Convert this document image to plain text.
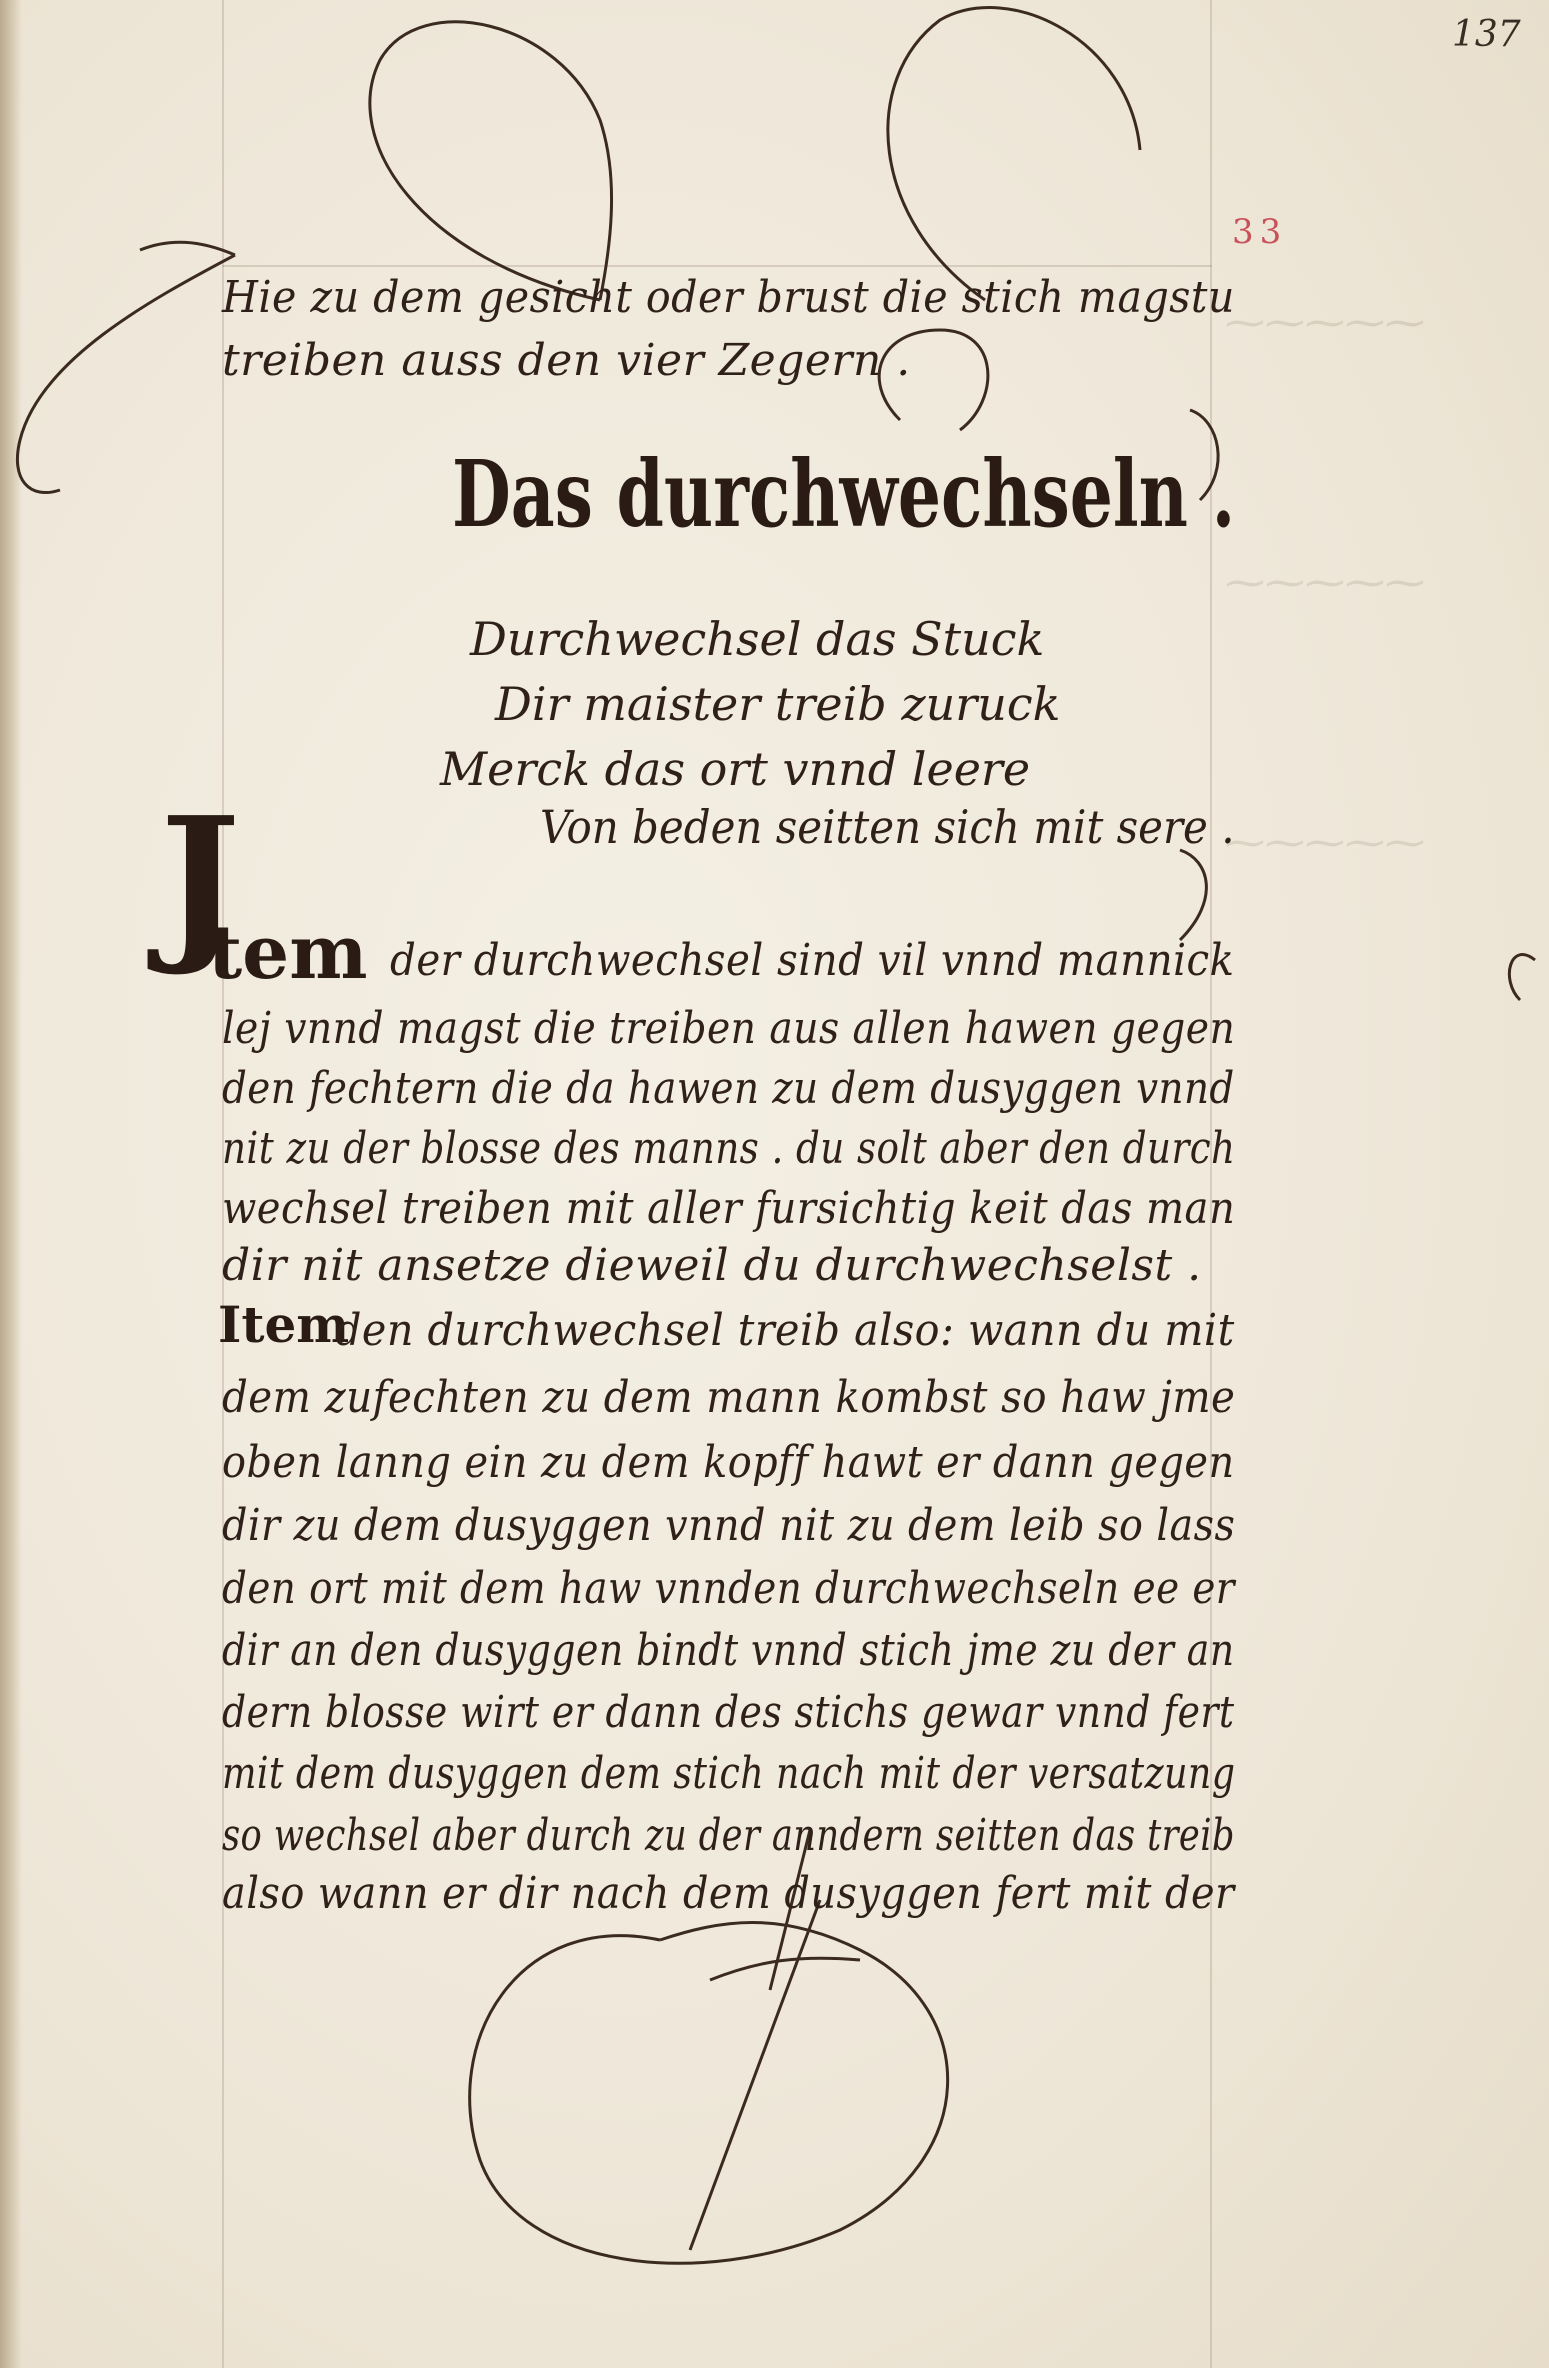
⁓⁓⁓⁓⁓
⁓⁓⁓⁓⁓
⁓⁓⁓⁓⁓
137
33
Hie zu dem gesicht oder brust die stich magstu
treiben auss den vier Zegern .
Das durchwechseln .
Durchwechsel das Stuck
Dir maister treib zuruck
Merck das ort vnnd leere
Von beden seitten sich mit sere .
J
tem der durchwechsel sind vil vnnd mannick
lej vnnd magst die treiben aus allen hawen gegen
den fechtern die da hawen zu dem dusyggen vnnd
nit zu der blosse des manns . du solt aber den durch
wechsel treiben mit aller fursichtig keit das man
dir nit ansetze dieweil du durchwechselst .
Item
den durchwechsel treib also: wann du mit
dem zufechten zu dem mann kombst so haw jme
oben lanng ein zu dem kopff hawt er dann gegen
dir zu dem dusyggen vnnd nit zu dem leib so lass
den ort mit dem haw vnnden durchwechseln ee er
dir an den dusyggen bindt vnnd stich jme zu der an
dern blosse wirt er dann des stichs gewar vnnd fert
mit dem dusyggen dem stich nach mit der versatzung
so wechsel aber durch zu der anndern seitten das treib
also wann er dir nach dem dusyggen fert mit der
